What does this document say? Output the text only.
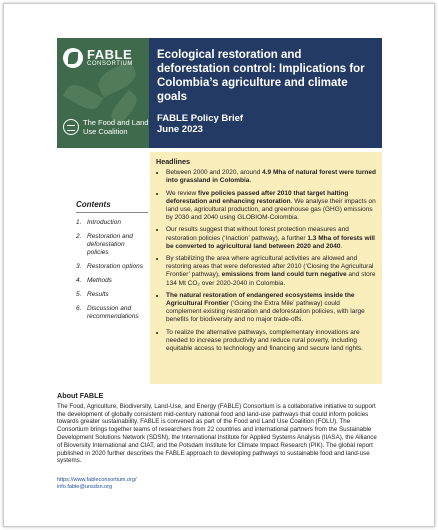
FABLE
CONSORTIUM
The Food and Land Use Coalition
Ecological restoration and deforestation control: Implications for Colombia’s agriculture and climate goals
FABLE Policy Brief
June 2023
Contents
1. Introduction
2. Restoration and deforestation policies
3. Restoration options
4. Methods
5. Results
6. Discussion and recommendations
Headlines
• Between 2000 and 2020, around 4.9 Mha of natural forest were turned into grassland in Colombia.
• We review five policies passed after 2010 that target halting deforestation and enhancing restoration. We analyse their impacts on land use, agricultural production, and greenhouse gas (GHG) emissions by 2030 and 2040 using GLOBIOM-Colombia.
• Our results suggest that without forest protection measures and restoration policies (‘Inaction’ pathway), a further 1.3 Mha of forests will be converted to agricultural land between 2020 and 2040.
• By stabilizing the area where agricultural activities are allowed and restoring areas that were deforested after 2010 (‘Closing the Agricultural Frontier’ pathway), emissions from land could turn negative and store 134 Mt CO₂ over 2020-2040 in Colombia.
• The natural restoration of endangered ecosystems inside the Agricultural Frontier (‘Going the Extra Mile’ pathway) could complement existing restoration and deforestation policies, with large benefits for biodiversity and no major trade-offs.
• To realize the alternative pathways, complementary innovations are needed to increase productivity and reduce rural poverty, including equitable access to technology and financing and secure land rights.
About FABLE

The Food, Agriculture, Biodiversity, Land-Use, and Energy (FABLE) Consortium is a collaborative initiative to support the development of globally consistent mid-century national food and land-use pathways that could inform policies towards greater sustainability. FABLE is convened as part of the Food and Land Use Coalition (FOLU). The Consortium brings together teams of researchers from 22 countries and international partners from the Sustainable Development Solutions Network (SDSN), the International Institute for Applied Systems Analysis (IIASA), the Alliance of Bioversity International and CIAT, and the Potsdam Institute for Climate Impact Research (PIK). The global report published in 2020 further describes the FABLE approach to developing pathways to sustainable food and land-use systems.

https://www.fableconsortium.org/
info.fable@unsdsn.org
